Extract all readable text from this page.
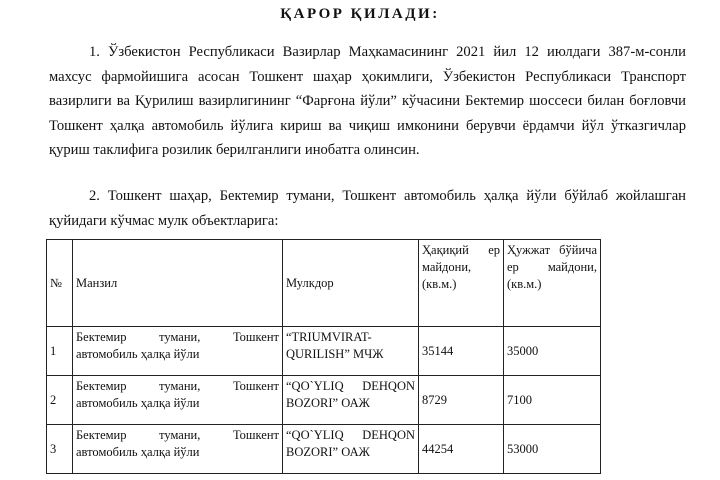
ҚАРОР ҚИЛАДИ:
1. Ўзбекистон Республикаси Вазирлар Маҳкамасининг 2021 йил 12 июлдаги 387-м-сонли махсус фармойишига асосан Тошкент шаҳар ҳокимлиги, Ўзбекистон Республикаси Транспорт вазирлиги ва Қурилиш вазирлигининг “Фарғона йўли” кўчасини Бектемир шоссеси билан боғловчи Тошкент ҳалқа автомобиль йўлига кириш ва чиқиш имконини берувчи ёрдамчи йўл ўтказгичлар қуриш таклифига розилик берилганлиги инобатга олинсин.
2. Тошкент шаҳар, Бектемир тумани, Тошкент автомобиль ҳалқа йўли бўйлаб жойлашган қуйидаги кўчмас мулк объектларига:
№	Манзил	Мулкдор	Ҳақиқий ер майдони, (кв.м.)	Ҳужжат бўйича ер майдони, (кв.м.)
1	Бектемир тумани, Тошкент автомобиль ҳалқа йўли	“TRIUMVIRAT-QURILISH” МЧЖ	35144	35000
2	Бектемир тумани, Тошкент автомобиль ҳалқа йўли	“QO`YLIQ DEHQON BOZORI” ОАЖ	8729	7100
3	Бектемир тумани, Тошкент автомобиль ҳалқа йўли	“QO`YLIQ DEHQON BOZORI” ОАЖ	44254	53000
